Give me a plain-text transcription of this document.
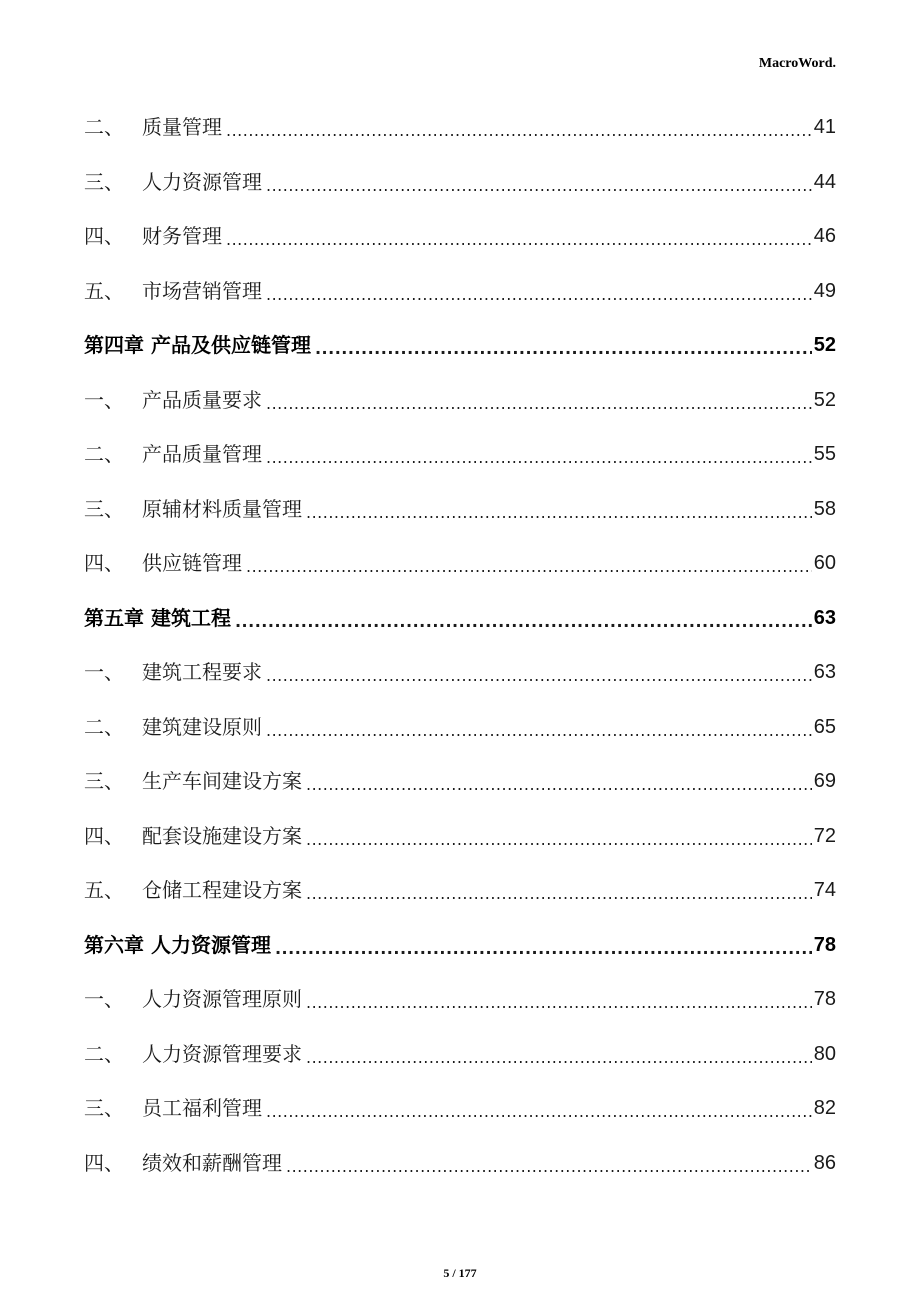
MacroWord.
二、 质量管理 .....	41
三、 人力资源管理 .....	44
四、 财务管理 .....	46
五、 市场营销管理 .....	49
第四章 产品及供应链管理 .....	52
一、 产品质量要求 .....	52
二、 产品质量管理 .....	55
三、 原辅材料质量管理 .....	58
四、 供应链管理 .....	60
第五章 建筑工程 .....	63
一、 建筑工程要求 .....	63
二、 建筑建设原则 .....	65
三、 生产车间建设方案 .....	69
四、 配套设施建设方案 .....	72
五、 仓储工程建设方案 .....	74
第六章 人力资源管理 .....	78
一、 人力资源管理原则 .....	78
二、 人力资源管理要求 .....	80
三、 员工福利管理 .....	82
四、 绩效和薪酬管理 .....	86
5 / 177
